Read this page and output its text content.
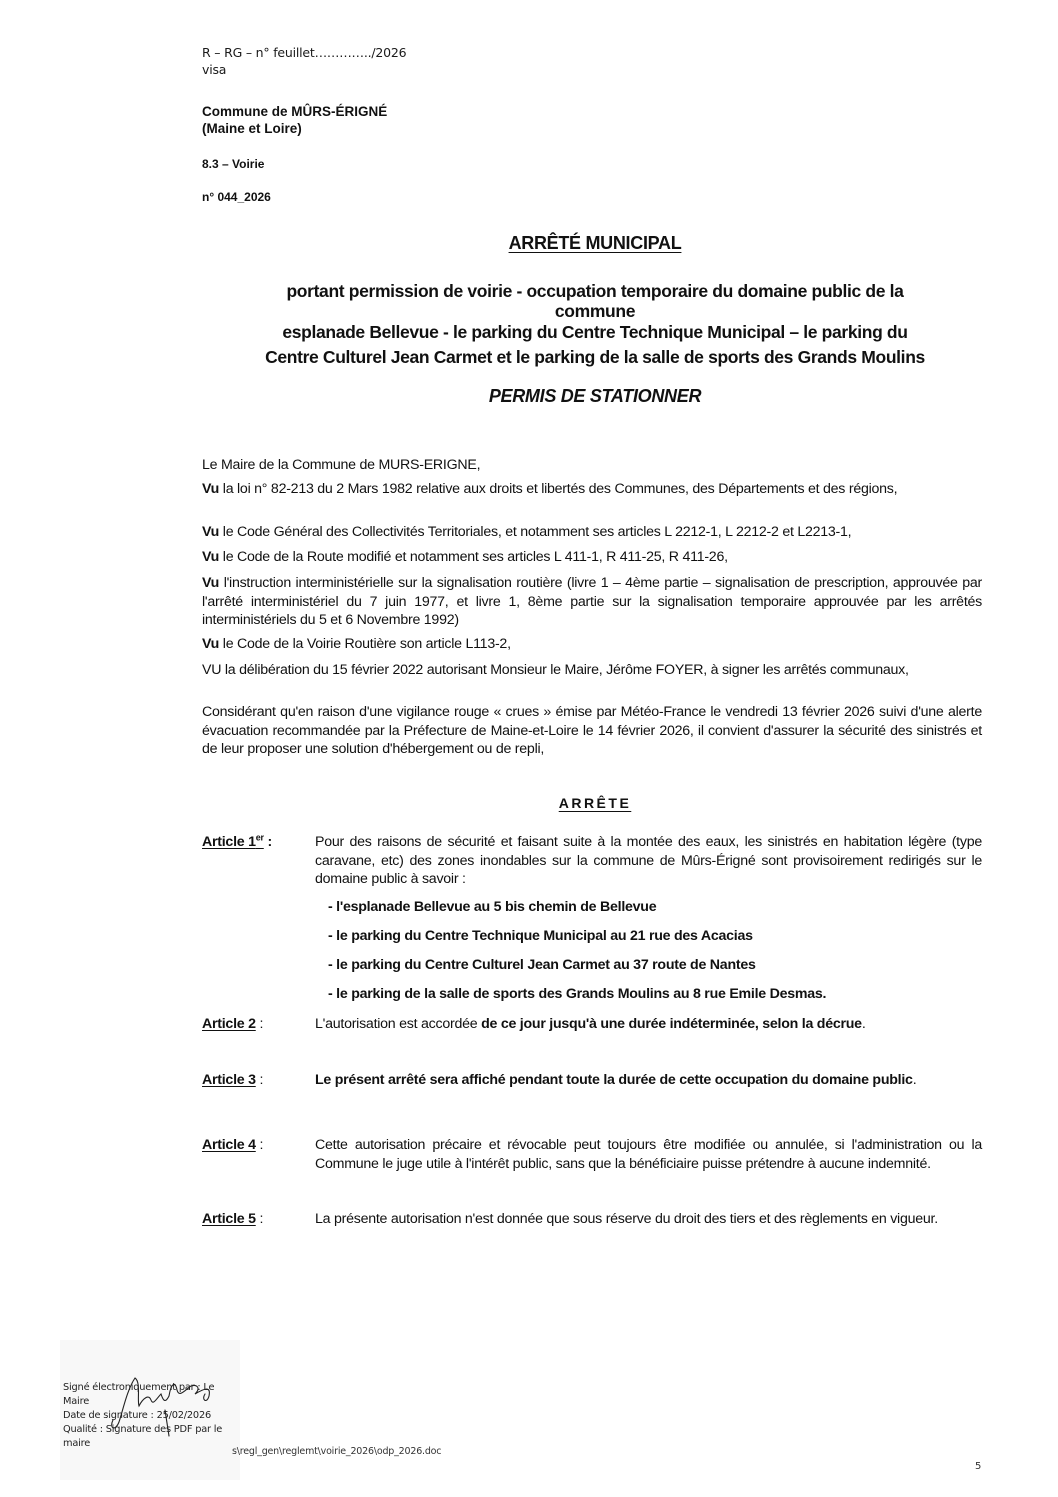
R – RG – n° feuillet…………../2026
visa
Commune de MÛRS-ÉRIGNÉ
(Maine et Loire)
8.3 – Voirie
n° 044_2026
ARRÊTÉ MUNICIPAL
portant permission de voirie - occupation temporaire du domaine public de la
commune
esplanade Bellevue - le parking du Centre Technique Municipal – le parking du
Centre Culturel Jean Carmet et le parking de la salle de sports des Grands Moulins
PERMIS DE STATIONNER
Le Maire de la Commune de MURS-ERIGNE,
Vu la loi n° 82-213 du 2 Mars 1982 relative aux droits et libertés des Communes, des Départements et des régions,
Vu le Code Général des Collectivités Territoriales, et notamment ses articles L 2212-1, L 2212-2 et L2213-1,
Vu le Code de la Route modifié et notamment ses articles L 411-1, R 411-25, R 411-26,
Vu l'instruction interministérielle sur la signalisation routière (livre 1 – 4ème partie – signalisation de prescription, approuvée par l'arrêté interministériel du 7 juin 1977, et livre 1, 8ème partie sur la signalisation temporaire approuvée par les arrêtés interministériels du 5 et 6 Novembre 1992)
Vu le Code de la Voirie Routière son article L113-2,
VU la délibération du 15 février 2022 autorisant Monsieur le Maire, Jérôme FOYER, à signer les arrêtés communaux,
Considérant qu'en raison d'une vigilance rouge « crues » émise par Météo-France le vendredi 13 février 2026 suivi d'une alerte évacuation recommandée par la Préfecture de Maine-et-Loire le 14 février 2026, il convient d'assurer la sécurité des sinistrés et de leur proposer une solution d'hébergement ou de repli,
ARRÊTE
Article 1er :	Pour des raisons de sécurité et faisant suite à la montée des eaux, les sinistrés en habitation légère (type caravane, etc) des zones inondables sur la commune de Mûrs-Érigné sont provisoirement redirigés sur le domaine public à savoir :
- l'esplanade Bellevue au 5 bis chemin de Bellevue
- le parking du Centre Technique Municipal au 21 rue des Acacias
- le parking du Centre Culturel Jean Carmet au 37 route de Nantes
- le parking de la salle de sports des Grands Moulins au 8 rue Emile Desmas.
Article 2 :	L'autorisation est accordée de ce jour jusqu'à une durée indéterminée, selon la décrue.
Article 3 :	Le présent arrêté sera affiché pendant toute la durée de cette occupation du domaine public.
Article 4 :	Cette autorisation précaire et révocable peut toujours être modifiée ou annulée, si l'administration ou la Commune le juge utile à l'intérêt public, sans que la bénéficiaire puisse prétendre à aucune indemnité.
Article 5 :	La présente autorisation n'est donnée que sous réserve du droit des tiers et des règlements en vigueur.
Signé électroniquement par : Le
Maire
Date de signature : 25/02/2026
Qualité : Signature des PDF par le
maire
s\regl_gen\reglemt\voirie_2026\odp_2026.doc
5
